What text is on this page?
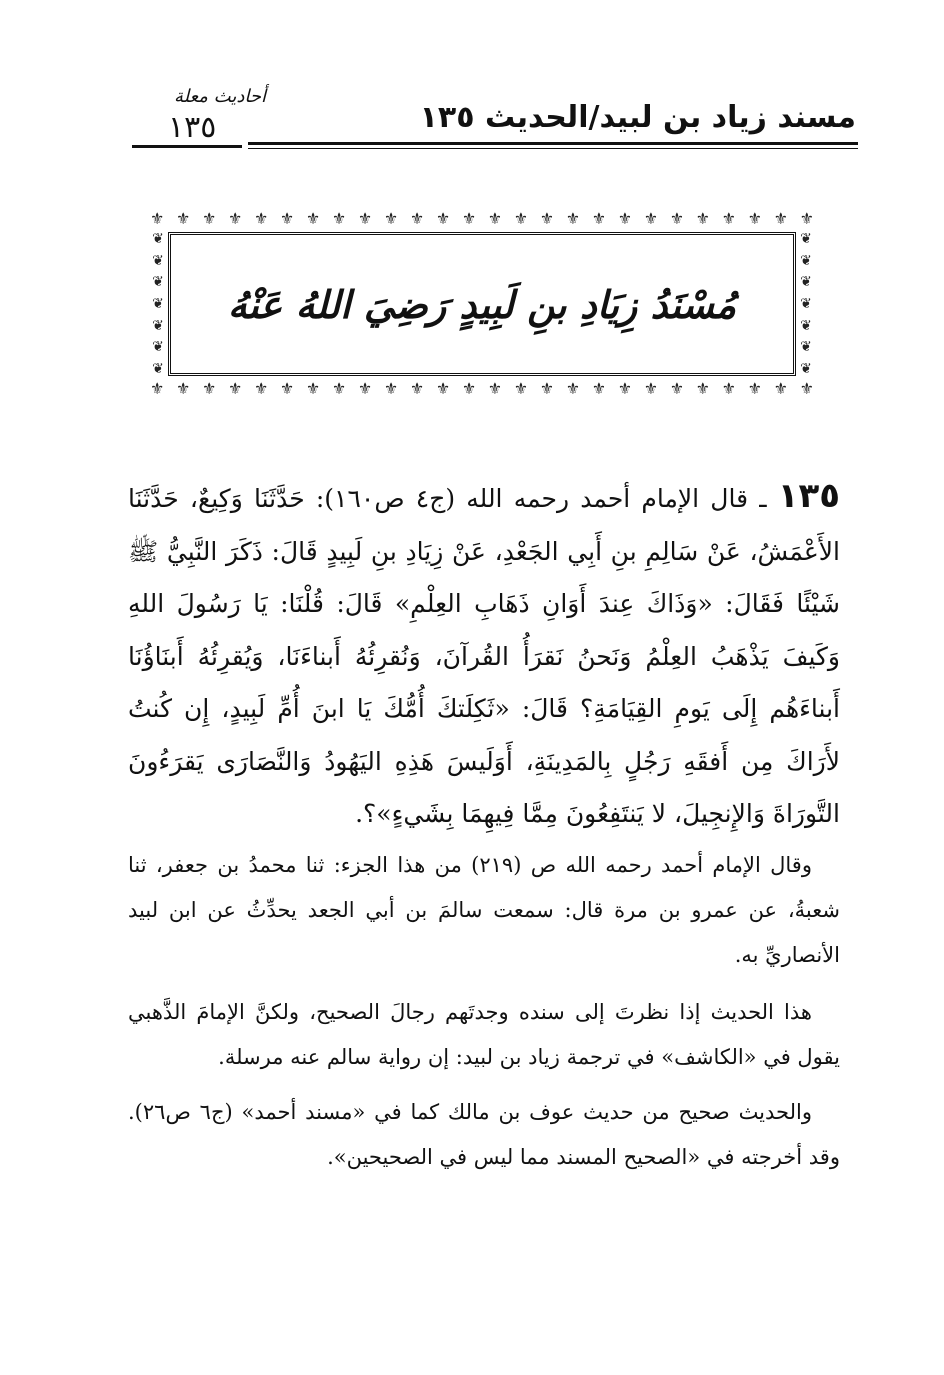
مسند زياد بن لبيد/الحديث ١٣٥
أحاديث معلة
١٣٥
⚜ ⚜ ⚜ ⚜ ⚜ ⚜ ⚜ ⚜ ⚜ ⚜ ⚜ ⚜ ⚜ ⚜ ⚜ ⚜ ⚜ ⚜ ⚜ ⚜ ⚜ ⚜ ⚜ ⚜ ⚜ ⚜
❦
❦
❦
❦
❦
❦
❦
❦
❦
❦
❦
❦
❦
❦
⚜ ⚜ ⚜ ⚜ ⚜ ⚜ ⚜ ⚜ ⚜ ⚜ ⚜ ⚜ ⚜ ⚜ ⚜ ⚜ ⚜ ⚜ ⚜ ⚜ ⚜ ⚜ ⚜ ⚜ ⚜ ⚜
مُسْنَدُ زِيَادِ بنِ لَبِيدٍ رَضِيَ اللهُ عَنْهُ
١٣٥ ـ قال الإمام أحمد رحمه الله (ج٤ ص١٦٠): حَدَّثَنَا وَكِيعٌ، حَدَّثَنَا الأَعْمَشُ، عَنْ سَالِمِ بنِ أَبِي الجَعْدِ، عَنْ زِيَادِ بنِ لَبِيدٍ قَالَ: ذَكَرَ النَّبِيُّ ﷺ شَيْئًا فَقَالَ: «وَذَاكَ عِندَ أَوَانِ ذَهَابِ العِلْمِ» قَالَ: قُلْنَا: يَا رَسُولَ اللهِ وَكَيفَ يَذْهَبُ العِلْمُ وَنَحنُ نَقرَأُ القُرآنَ، وَنُقرِئُهُ أَبناءَنَا، وَيُقرِئُهُ أَبنَاؤُنَا أَبناءَهُم إِلَى يَومِ القِيَامَةِ؟ قَالَ: «ثَكِلَتكَ أُمُّكَ يَا ابنَ أُمِّ لَبِيدٍ، إِن كُنتُ لأَرَاكَ مِن أَفقَهِ رَجُلٍ بِالمَدِينَةِ، أَوَلَيسَ هَذِهِ اليَهُودُ وَالنَّصَارَى يَقرَءُونَ التَّورَاةَ وَالإِنجِيلَ، لا يَنتَفِعُونَ مِمَّا فِيهِمَا بِشَيءٍ»؟.
وقال الإمام أحمد رحمه الله ص (٢١٩) من هذا الجزء: ثنا محمدُ بن جعفر، ثنا شعبةُ، عن عمرو بن مرة قال: سمعت سالمَ بن أبي الجعد يحدِّثُ عن ابن لبيد الأنصاريِّ به.
هذا الحديث إذا نظرتَ إلى سنده وجدتَهم رجالَ الصحيح، ولكنَّ الإمامَ الذَّهبي يقول في «الكاشف» في ترجمة زياد بن لبيد: إن رواية سالم عنه مرسلة.
والحديث صحيح من حديث عوف بن مالك كما في «مسند أحمد» (ج٦ ص٢٦). وقد أخرجته في «الصحيح المسند مما ليس في الصحيحين».
